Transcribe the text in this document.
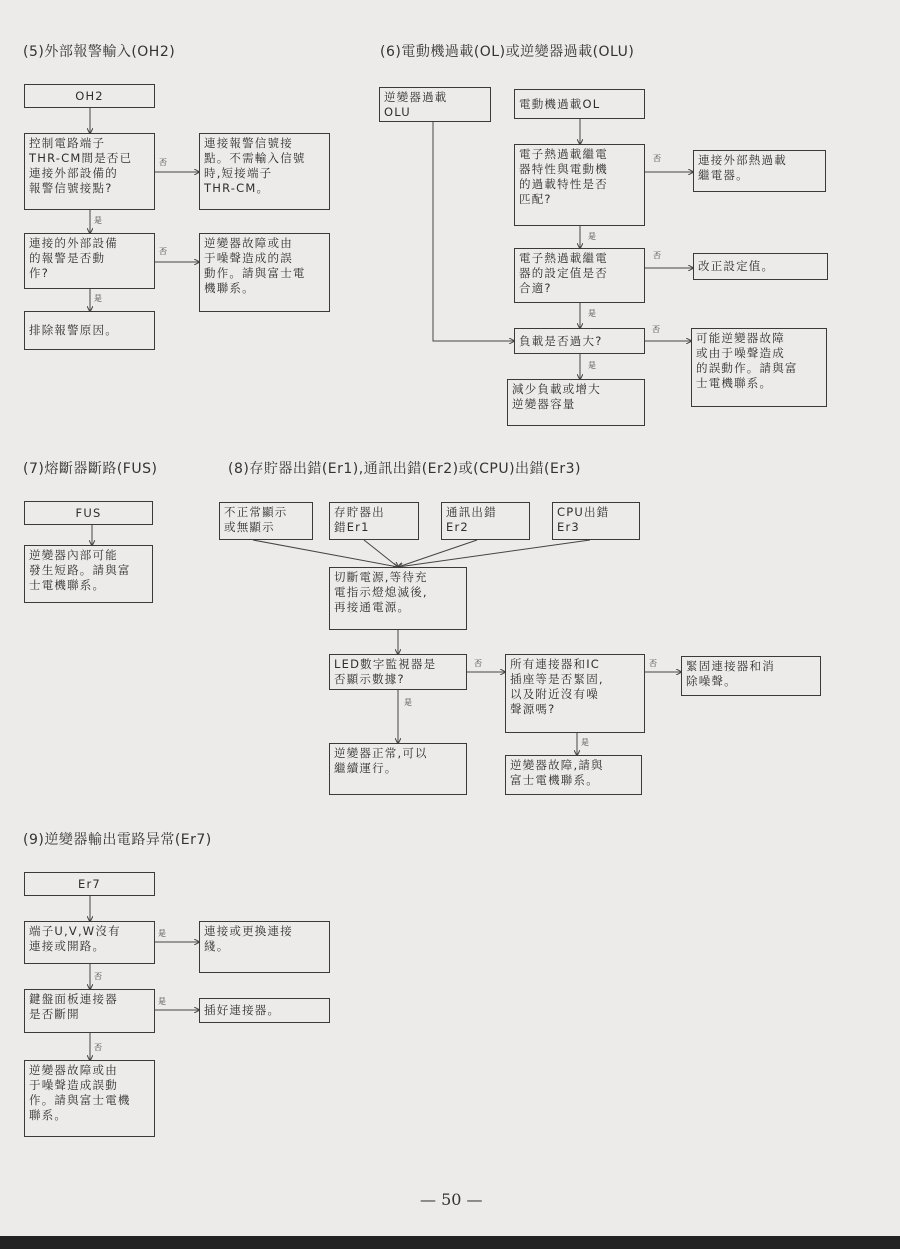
(5)外部報警輸入(OH2)
OH2
控制電路端子
THR-CM間是否已
連接外部設備的
報警信號接點?
連接報警信號接
點。不需輸入信號
時,短接端子
THR-CM。
連接的外部設備
的報警是否動
作?
逆變器故障或由
于噪聲造成的誤
動作。請與富士電
機聯系。
排除報警原因。
否
是
否
是
(6)電動機過載(OL)或逆變器過載(OLU)
逆變器過載
OLU
電動機過載OL
電子熱過載繼電
器特性與電動機
的過載特性是否
匹配?
連接外部熱過載
繼電器。
電子熱過載繼電
器的設定值是否
合適?
改正設定值。
負載是否過大?	可能逆變器故障
或由于噪聲造成
的誤動作。請與富
士電機聯系。
減少負載或增大
逆變器容量
否
是
否
是
否
是
(7)熔斷器斷路(FUS)
FUS
逆變器內部可能
發生短路。請與富
士電機聯系。
(8)存貯器出錯(Er1),通訊出錯(Er2)或(CPU)出錯(Er3)
不正常顯示
或無顯示
存貯器出
錯Er1
通訊出錯
Er2
CPU出錯
Er3
切斷電源,等待充
電指示燈熄滅後,
再接通電源。
LED數字監視器是
否顯示數據?
所有連接器和IC
插座等是否緊固,
以及附近沒有噪
聲源嗎?
緊固連接器和消
除噪聲。
逆變器正常,可以
繼續運行。	逆變器故障,請與
富士電機聯系。
否
是
否
是
(9)逆變器輸出電路异常(Er7)
Er7
端子U,V,W沒有
連接或開路。
連接或更換連接
綫。
鍵盤面板連接器
是否斷開	插好連接器。
逆變器故障或由
于噪聲造成誤動
作。請與富士電機
聯系。
是
否
是
否
— 50 —
